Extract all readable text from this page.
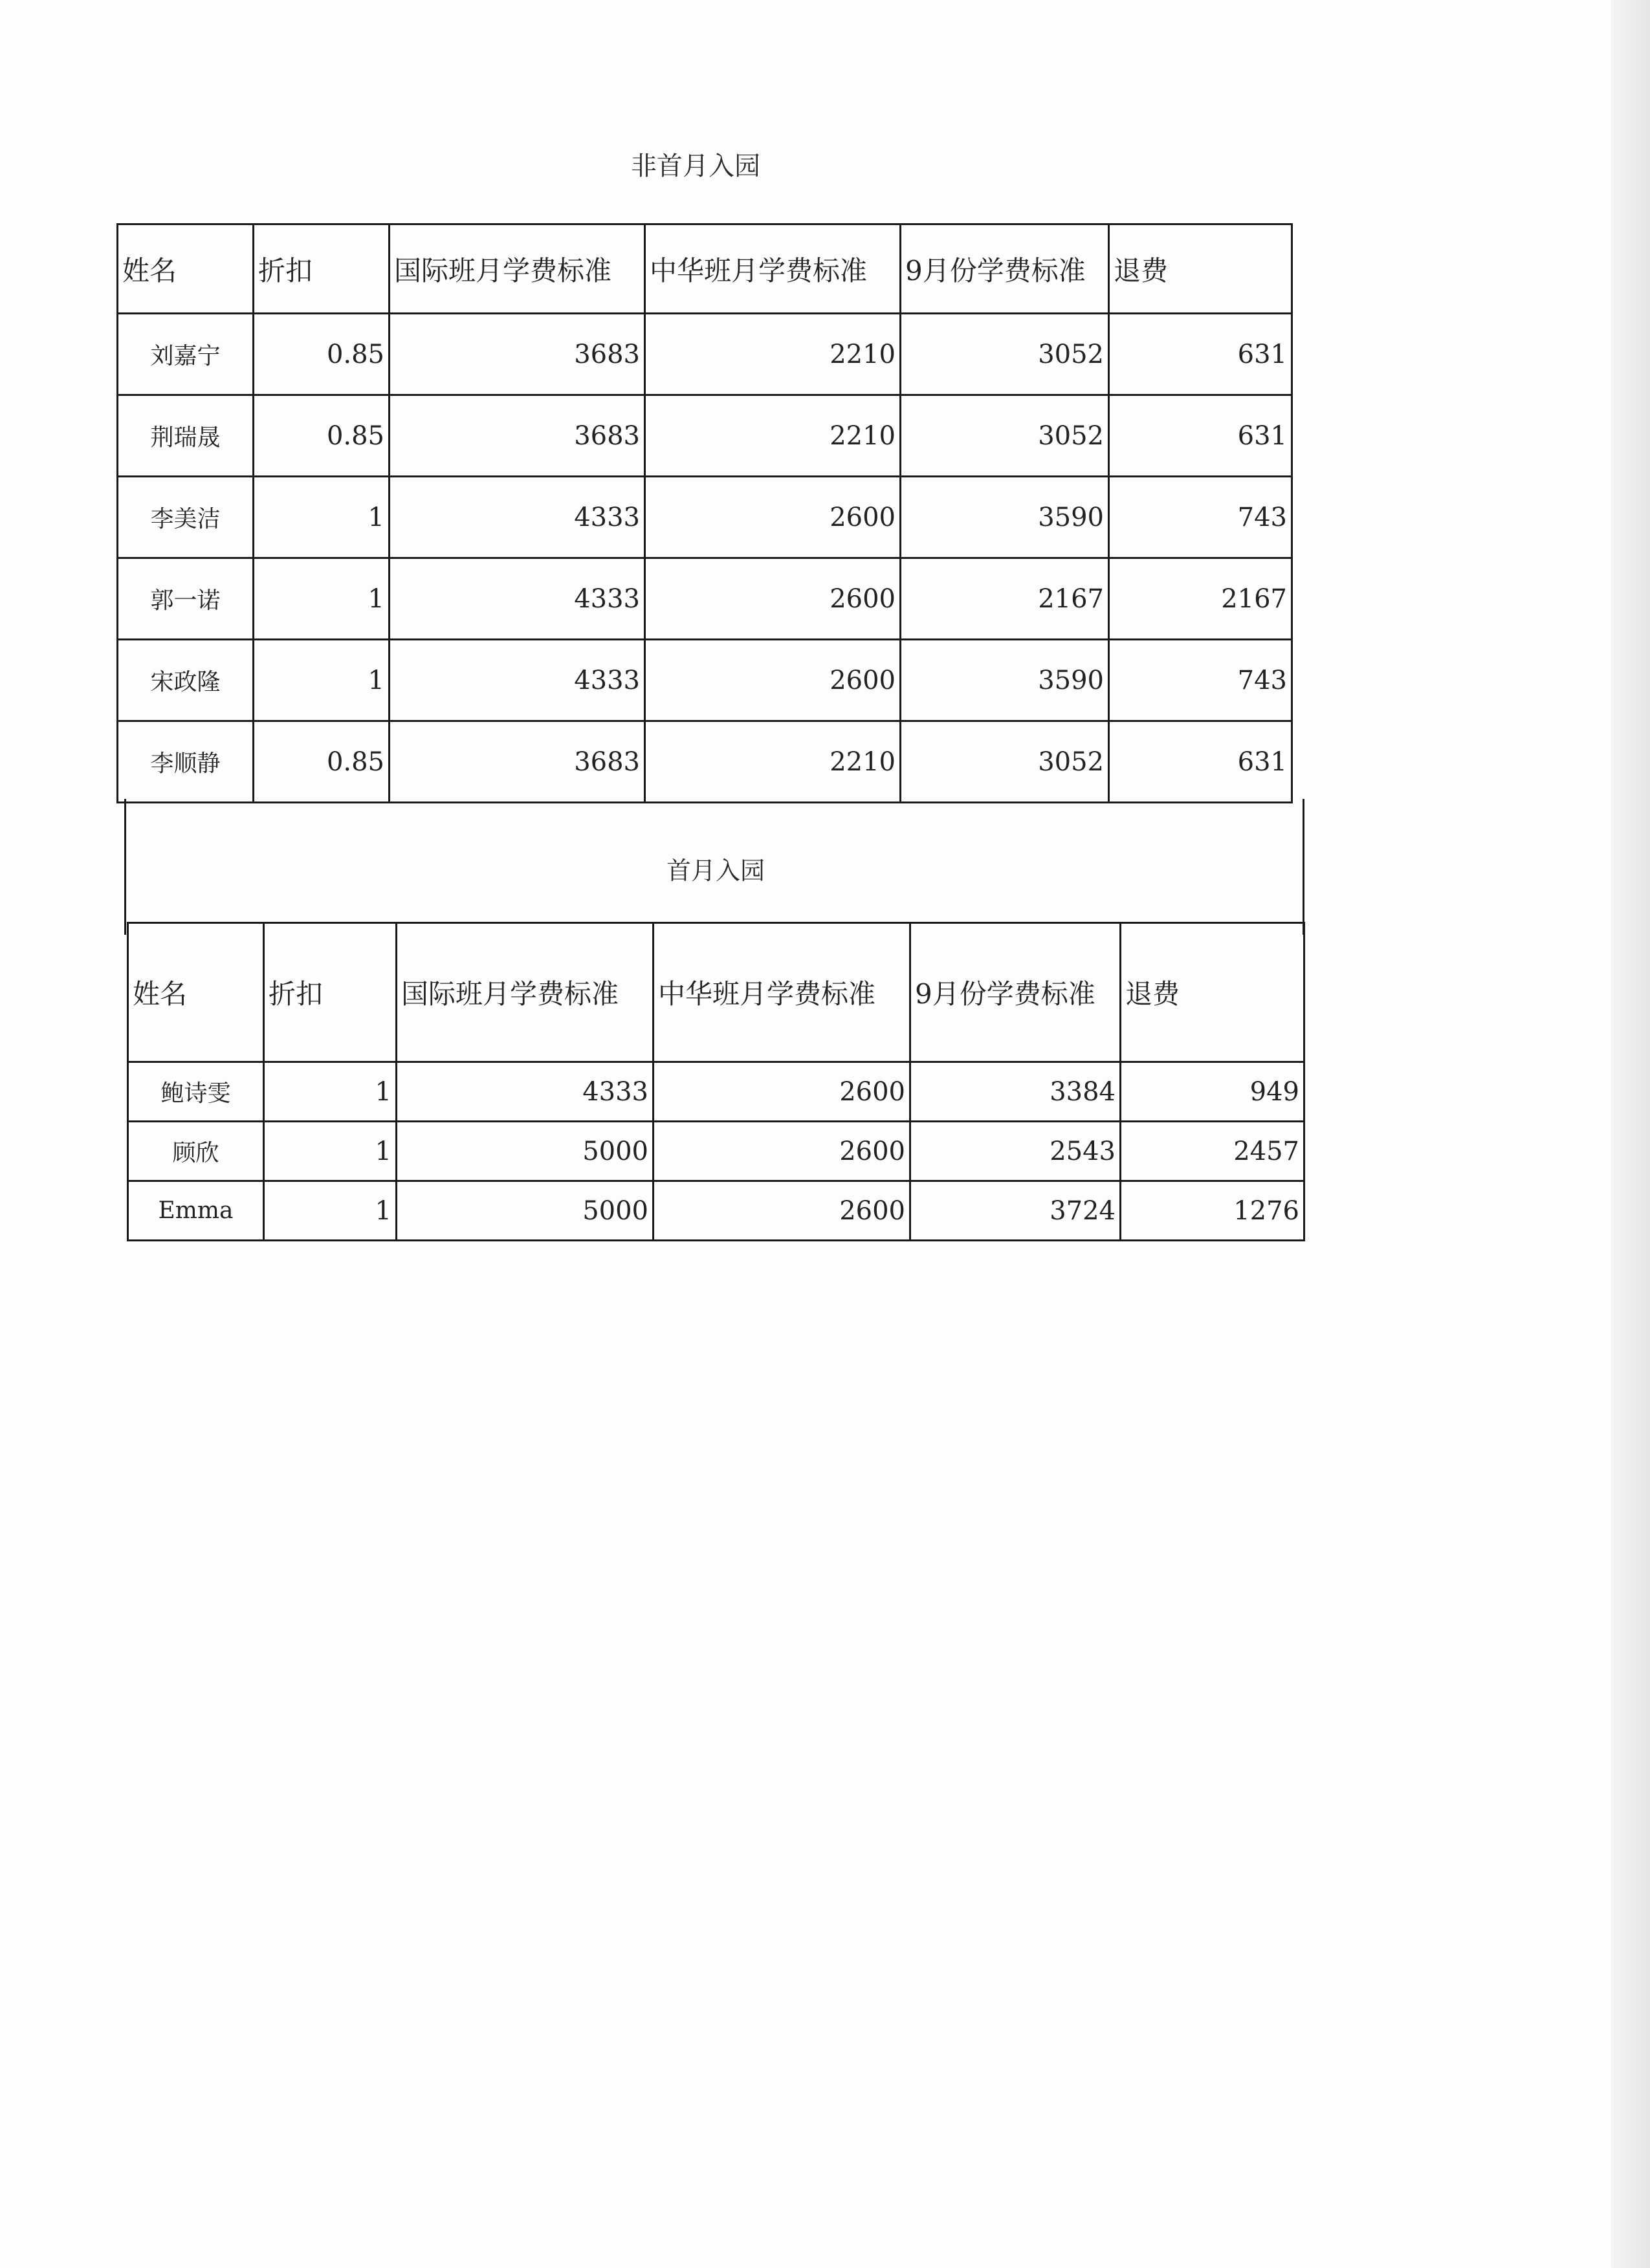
非首月入园
姓名	折扣	国际班月学费标准	中华班月学费标准	9月份学费标准	退费
刘嘉宁	0.85	3683	2210	3052	631
荆瑞晟	0.85	3683	2210	3052	631
李美洁	1	4333	2600	3590	743
郭一诺	1	4333	2600	2167	2167
宋政隆	1	4333	2600	3590	743
李顺静	0.85	3683	2210	3052	631
首月入园
姓名	折扣	国际班月学费标准	中华班月学费标准	9月份学费标准	退费
鲍诗雯	1	4333	2600	3384	949
顾欣	1	5000	2600	2543	2457
Emma	1	5000	2600	3724	1276
